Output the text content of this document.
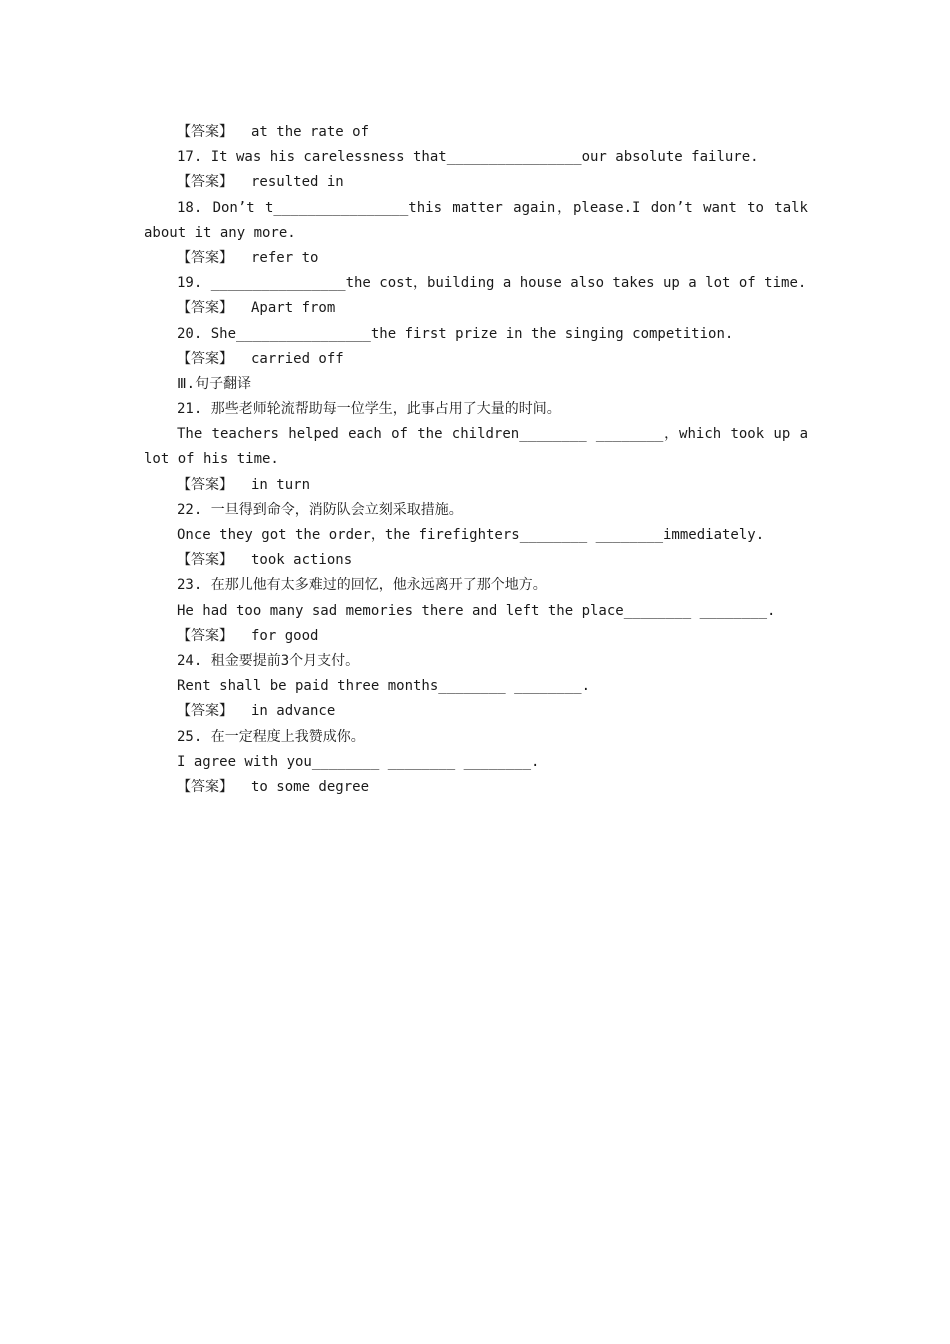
【答案】 at the rate of
17. It was his carelessness that________________our absolute failure.
【答案】 resulted in
18. Don’t t________________this matter again，please.I don’t want to talk about it any more.
【答案】 refer to
19. ________________the cost，building a house also takes up a lot of time.
【答案】 Apart from
20. She________________the first prize in the singing competition.
【答案】 carried off
Ⅲ.句子翻译
21. 那些老师轮流帮助每一位学生，此事占用了大量的时间。
The teachers helped each of the children________ ________，which took up a lot of his time.
【答案】 in turn
22. 一旦得到命令，消防队会立刻采取措施。
Once they got the order，the firefighters________ ________immediately.
【答案】 took actions
23. 在那儿他有太多难过的回忆，他永远离开了那个地方。
He had too many sad memories there and left the place________ ________.
【答案】 for good
24. 租金要提前3个月支付。
Rent shall be paid three months________ ________.
【答案】 in advance
25. 在一定程度上我赞成你。
I agree with you________ ________ ________.
【答案】 to some degree
